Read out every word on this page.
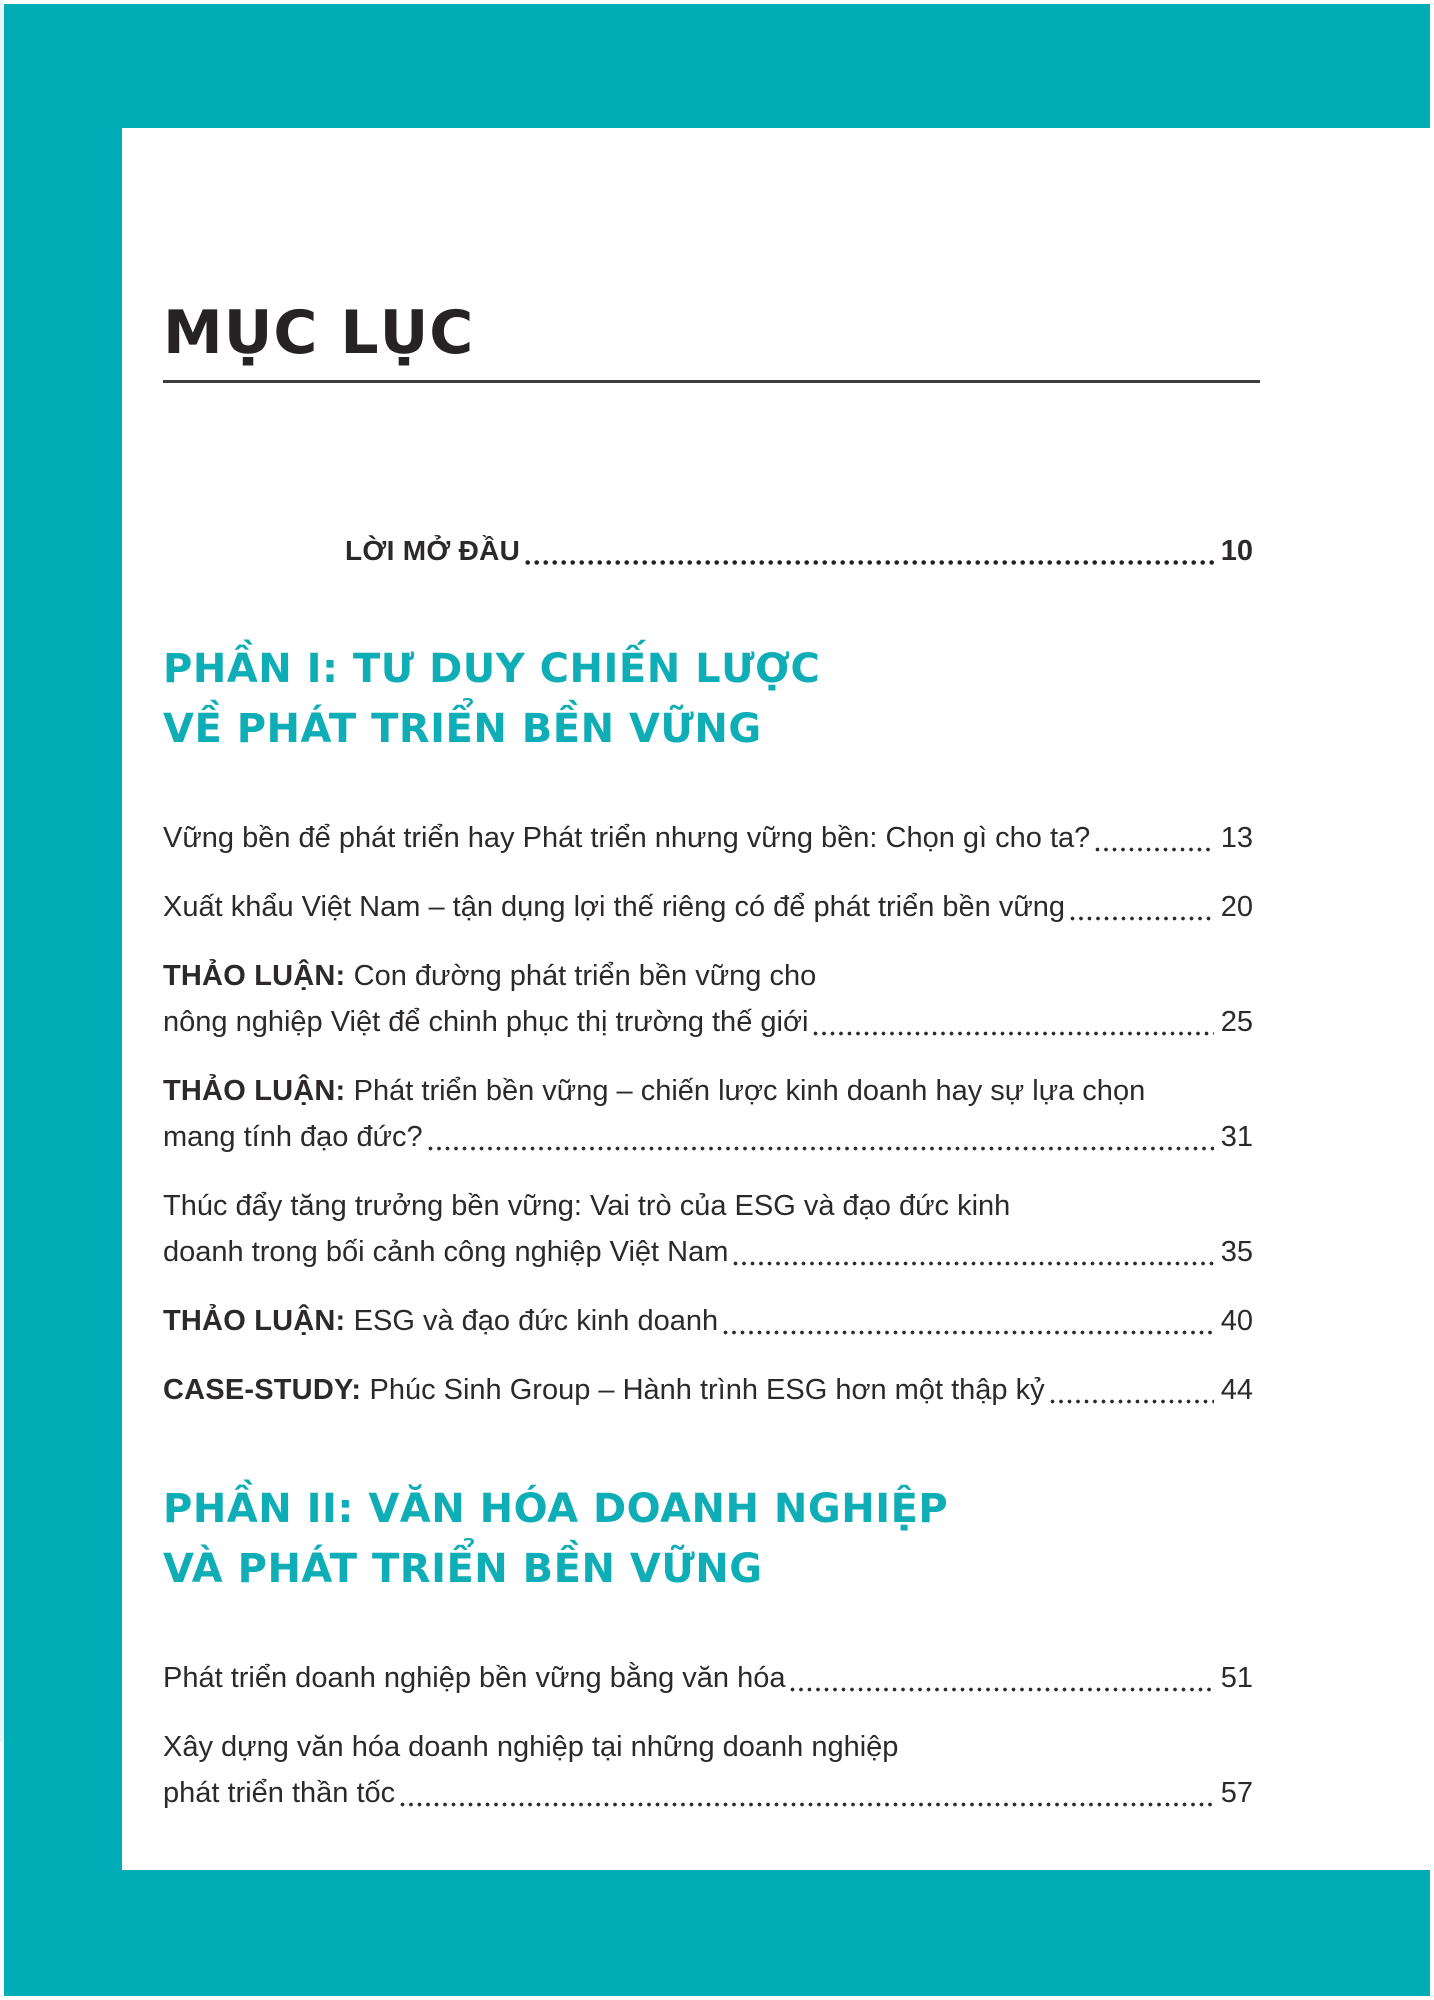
MỤC LỤC
LỜI MỞ ĐẦU	10
PHẦN I: TƯ DUY CHIẾN LƯỢC
VỀ PHÁT TRIỂN BỀN VỮNG
Vững bền để phát triển hay Phát triển nhưng vững bền: Chọn gì cho ta?	13
Xuất khẩu Việt Nam – tận dụng lợi thế riêng có để phát triển bền vững	20
THẢO LUẬN: Con đường phát triển bền vững cho
nông nghiệp Việt để chinh phục thị trường thế giới	25
THẢO LUẬN: Phát triển bền vững – chiến lược kinh doanh hay sự lựa chọn
mang tính đạo đức?	31
Thúc đẩy tăng trưởng bền vững: Vai trò của ESG và đạo đức kinh
doanh trong bối cảnh công nghiệp Việt Nam	35
THẢO LUẬN: ESG và đạo đức kinh doanh	40
CASE-STUDY: Phúc Sinh Group – Hành trình ESG hơn một thập kỷ	44
PHẦN II: VĂN HÓA DOANH NGHIỆP
VÀ PHÁT TRIỂN BỀN VỮNG
Phát triển doanh nghiệp bền vững bằng văn hóa	51
Xây dựng văn hóa doanh nghiệp tại những doanh nghiệp
phát triển thần tốc	57
